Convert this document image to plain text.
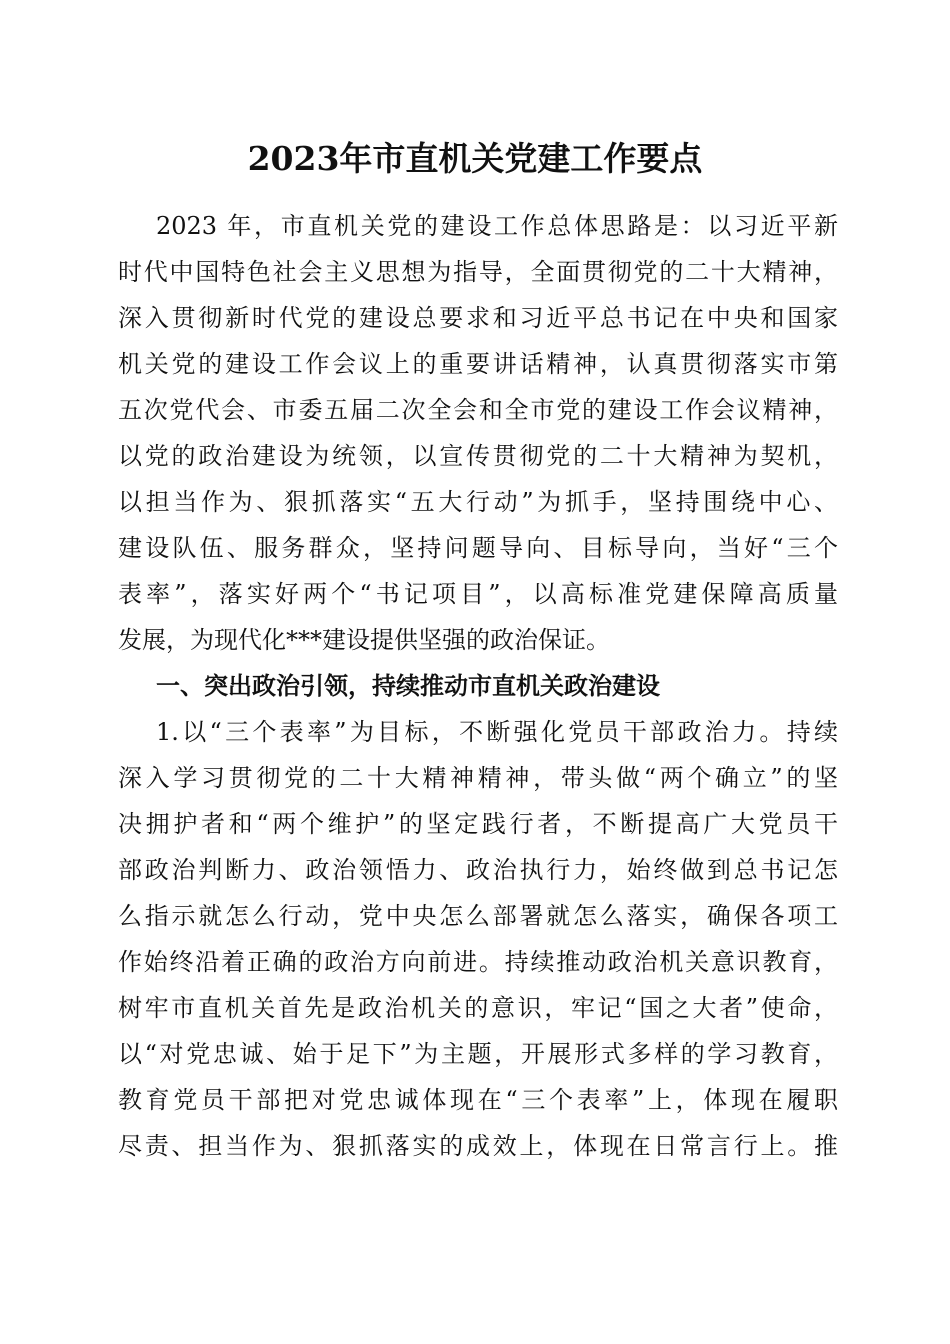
2023年市直机关党建工作要点
2023 年，市直机关党的建设工作总体思路是：以习近平新
时代中国特色社会主义思想为指导，全面贯彻党的二十大精神，
深入贯彻新时代党的建设总要求和习近平总书记在中央和国家
机关党的建设工作会议上的重要讲话精神，认真贯彻落实市第
五次党代会、市委五届二次全会和全市党的建设工作会议精神，
以党的政治建设为统领，以宣传贯彻党的二十大精神为契机，
以担当作为、狠抓落实“五大行动”为抓手，坚持围绕中心、
建设队伍、服务群众，坚持问题导向、目标导向，当好“三个
表率”，落实好两个“书记项目”，以高标准党建保障高质量
发展，为现代化***建设提供坚强的政治保证。
一、突出政治引领，持续推动市直机关政治建设
1.以“三个表率”为目标，不断强化党员干部政治力。持续
深入学习贯彻党的二十大精神精神，带头做“两个确立”的坚
决拥护者和“两个维护”的坚定践行者，不断提高广大党员干
部政治判断力、政治领悟力、政治执行力，始终做到总书记怎
么指示就怎么行动，党中央怎么部署就怎么落实，确保各项工
作始终沿着正确的政治方向前进。持续推动政治机关意识教育，
树牢市直机关首先是政治机关的意识，牢记“国之大者”使命，
以“对党忠诚、始于足下”为主题，开展形式多样的学习教育，
教育党员干部把对党忠诚体现在“三个表率”上，体现在履职
尽责、担当作为、狠抓落实的成效上，体现在日常言行上。推
